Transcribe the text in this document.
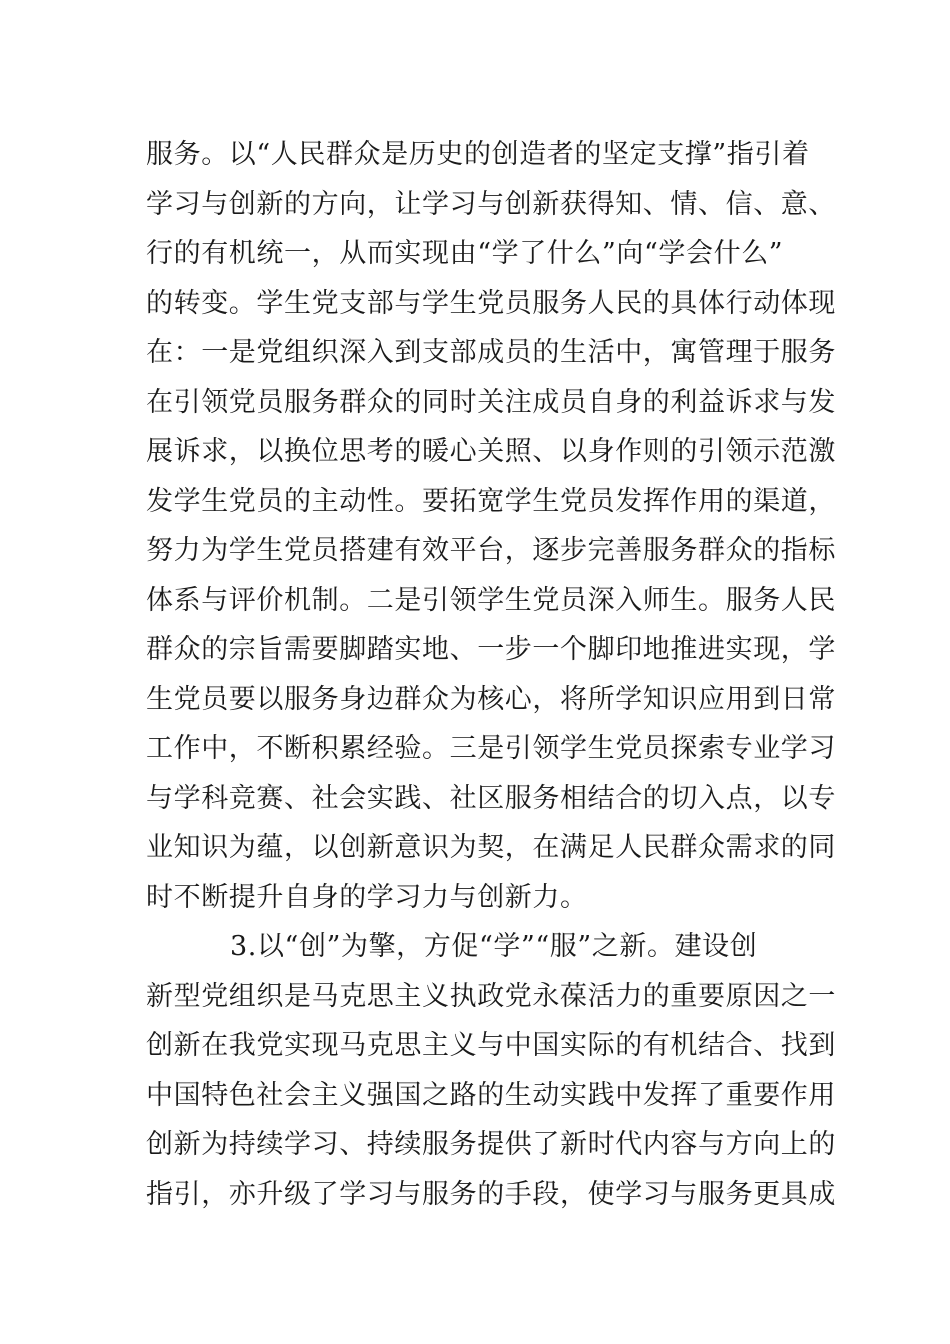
服务。以“人民群众是历史的创造者的坚定支撑”指引着
学习与创新的方向，让学习与创新获得知、情、信、意、
行的有机统一，从而实现由“学了什么”向“学会什么”
的转变。学生党支部与学生党员服务人民的具体行动体现
在：一是党组织深入到支部成员的生活中，寓管理于服务
在引领党员服务群众的同时关注成员自身的利益诉求与发
展诉求，以换位思考的暖心关照、以身作则的引领示范激
发学生党员的主动性。要拓宽学生党员发挥作用的渠道，
努力为学生党员搭建有效平台，逐步完善服务群众的指标
体系与评价机制。二是引领学生党员深入师生。服务人民
群众的宗旨需要脚踏实地、一步一个脚印地推进实现，学
生党员要以服务身边群众为核心，将所学知识应用到日常
工作中，不断积累经验。三是引领学生党员探索专业学习
与学科竞赛、社会实践、社区服务相结合的切入点，以专
业知识为蕴，以创新意识为契，在满足人民群众需求的同
时不断提升自身的学习力与创新力。
3.以“创”为擎，方促“学”“服”之新。建设创
新型党组织是马克思主义执政党永葆活力的重要原因之一
创新在我党实现马克思主义与中国实际的有机结合、找到
中国特色社会主义强国之路的生动实践中发挥了重要作用
创新为持续学习、持续服务提供了新时代内容与方向上的
指引，亦升级了学习与服务的手段，使学习与服务更具成
